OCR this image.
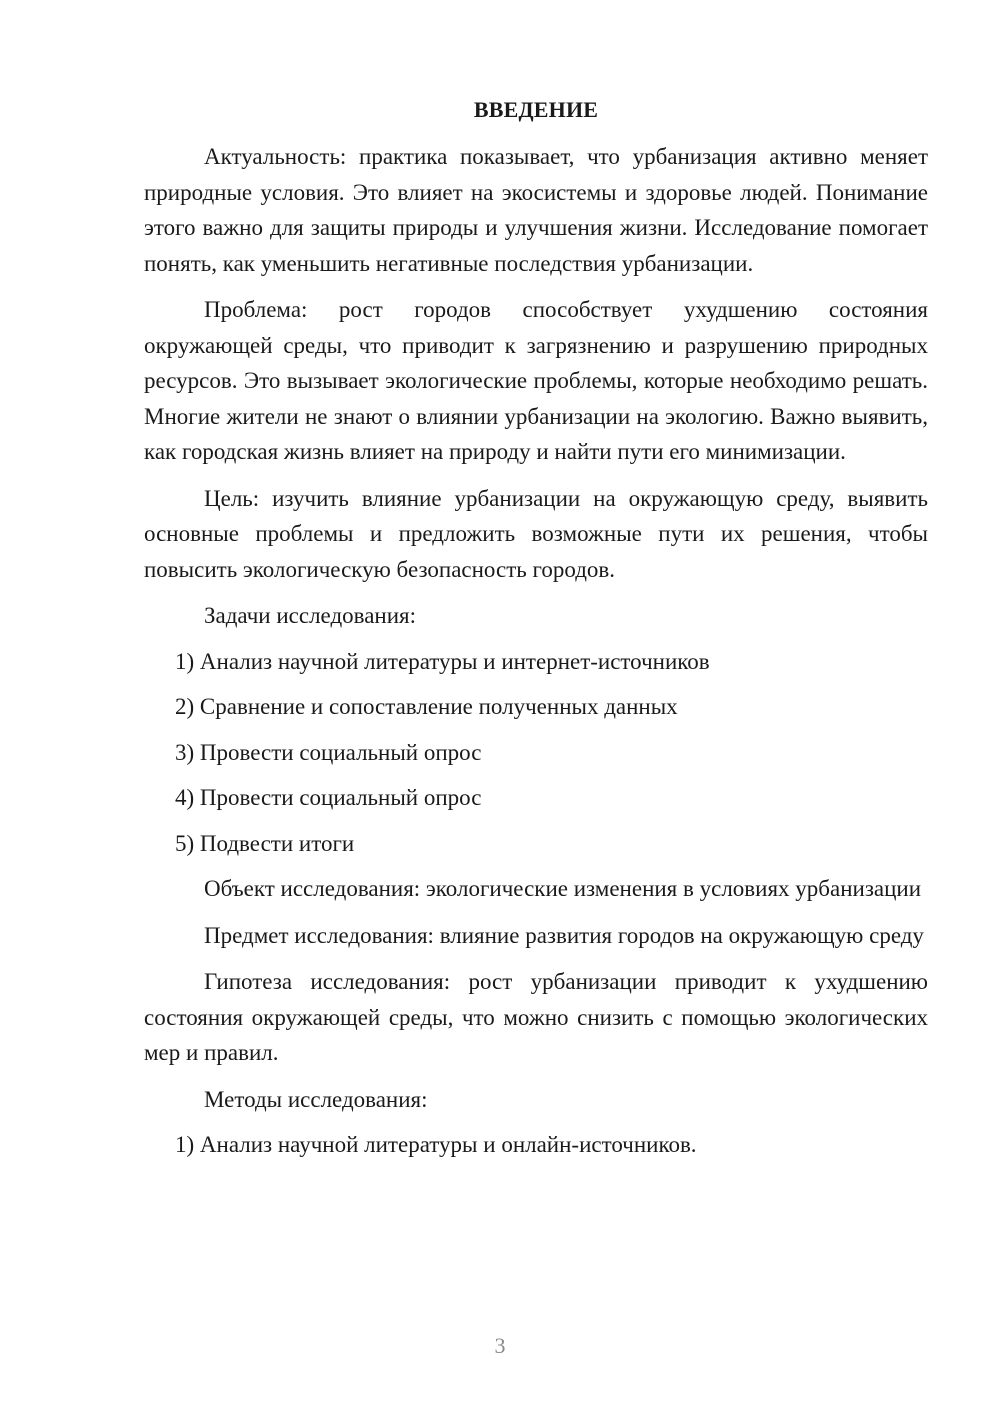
ВВЕДЕНИЕ

Актуальность: практика показывает, что урбанизация активно меняет природные условия. Это влияет на экосистемы и здоровье людей. Понимание этого важно для защиты природы и улучшения жизни. Исследование помогает понять, как уменьшить негативные последствия урбанизации.

Проблема: рост городов способствует ухудшению состояния окружающей среды, что приводит к загрязнению и разрушению природных ресурсов. Это вызывает экологические проблемы, которые необходимо решать. Многие жители не знают о влиянии урбанизации на экологию. Важно выявить, как городская жизнь влияет на природу и найти пути его минимизации.

Цель: изучить влияние урбанизации на окружающую среду, выявить основные проблемы и предложить возможные пути их решения, чтобы повысить экологическую безопасность городов.

Задачи исследования:

1) Анализ научной литературы и интернет-источников
2) Сравнение и сопоставление полученных данных
3) Провести социальный опрос
4) Провести социальный опрос
5) Подвести итоги

Объект исследования: экологические изменения в условиях урбанизации

Предмет исследования: влияние развития городов на окружающую среду

Гипотеза исследования: рост урбанизации приводит к ухудшению состояния окружающей среды, что можно снизить с помощью экологических мер и правил.

Методы исследования:

1) Анализ научной литературы и онлайн-источников.
3
